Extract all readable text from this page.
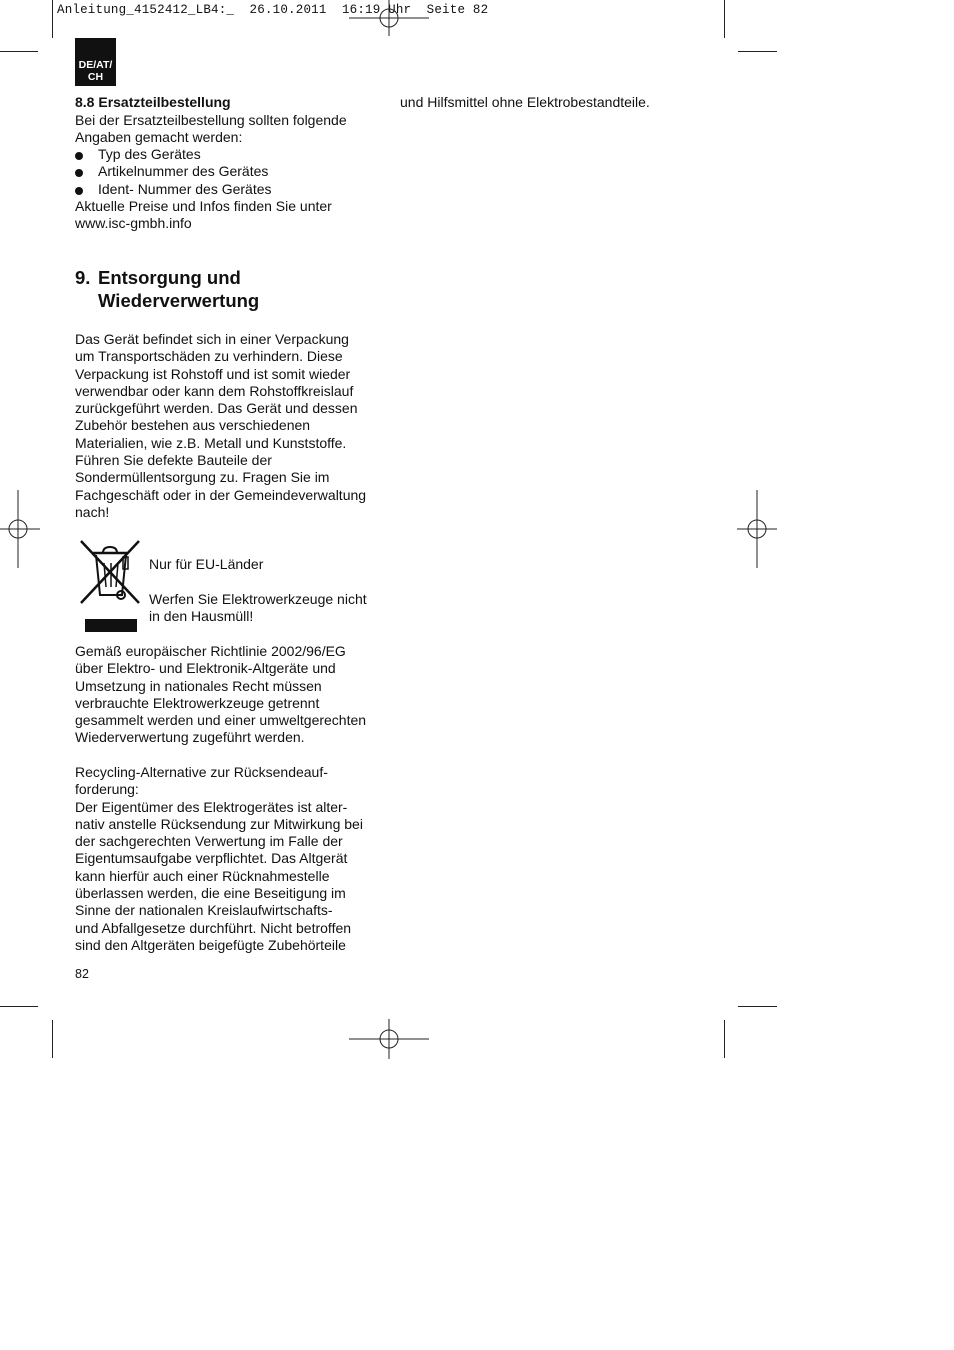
Anleitung_4152412_LB4:_  26.10.2011  16:19 Uhr  Seite 82
DE/AT/
CH
8.8 Ersatzteilbestellung
Bei der Ersatzteilbestellung sollten folgende
Angaben gemacht werden:
Typ des Gerätes
Artikelnummer des Gerätes
Ident- Nummer des Gerätes
Aktuelle Preise und Infos finden Sie unter
www.isc-gmbh.info
9. Entsorgung und
Wiederverwertung
Das Gerät befindet sich in einer Verpackung
um Transportschäden zu verhindern. Diese
Verpackung ist Rohstoff und ist somit wieder
verwendbar oder kann dem Rohstoffkreislauf
zurückgeführt werden. Das Gerät und dessen
Zubehör bestehen aus verschiedenen
Materialien, wie z.B. Metall und Kunststoffe.
Führen Sie defekte Bauteile der
Sondermüllentsorgung zu. Fragen Sie im
Fachgeschäft oder in der Gemeindeverwaltung
nach!
Nur für EU-Länder
Werfen Sie Elektrowerkzeuge nicht
in den Hausmüll!
Gemäß europäischer Richtlinie 2002/96/EG
über Elektro- und Elektronik-Altgeräte und
Umsetzung in nationales Recht müssen
verbrauchte Elektrowerkzeuge getrennt
gesammelt werden und einer umweltgerechten
Wiederverwertung zugeführt werden.
Recycling-Alternative zur Rücksendeauf-
forderung:
Der Eigentümer des Elektrogerätes ist alter-
nativ anstelle Rücksendung zur Mitwirkung bei
der sachgerechten Verwertung im Falle der
Eigentumsaufgabe verpflichtet. Das Altgerät
kann hierfür auch einer Rücknahmestelle
überlassen werden, die eine Beseitigung im
Sinne der nationalen Kreislaufwirtschafts-
und Abfallgesetze durchführt. Nicht betroffen
sind den Altgeräten beigefügte Zubehörteile
und Hilfsmittel ohne Elektrobestandteile.
82
